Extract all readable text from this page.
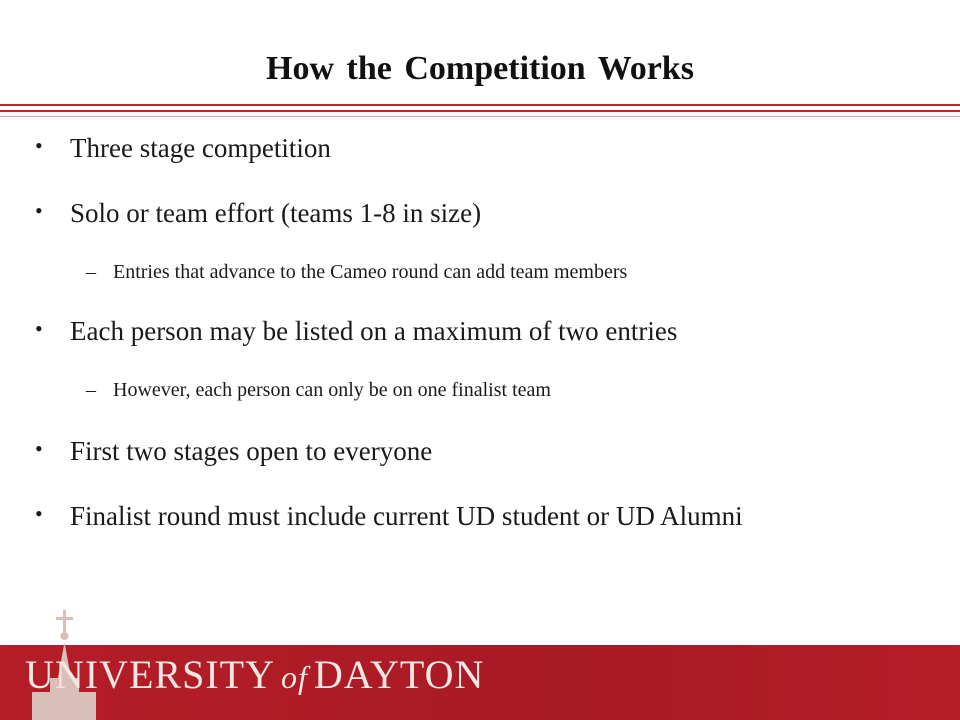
How the Competition Works
• Three stage competition
• Solo or team effort (teams 1-8 in size)
– Entries that advance to the Cameo round can add team members
• Each person may be listed on a maximum of two entries
– However, each person can only be on one finalist team
• First two stages open to everyone
• Finalist round must include current UD student or UD Alumni
UNIVERSITY of DAYTON
